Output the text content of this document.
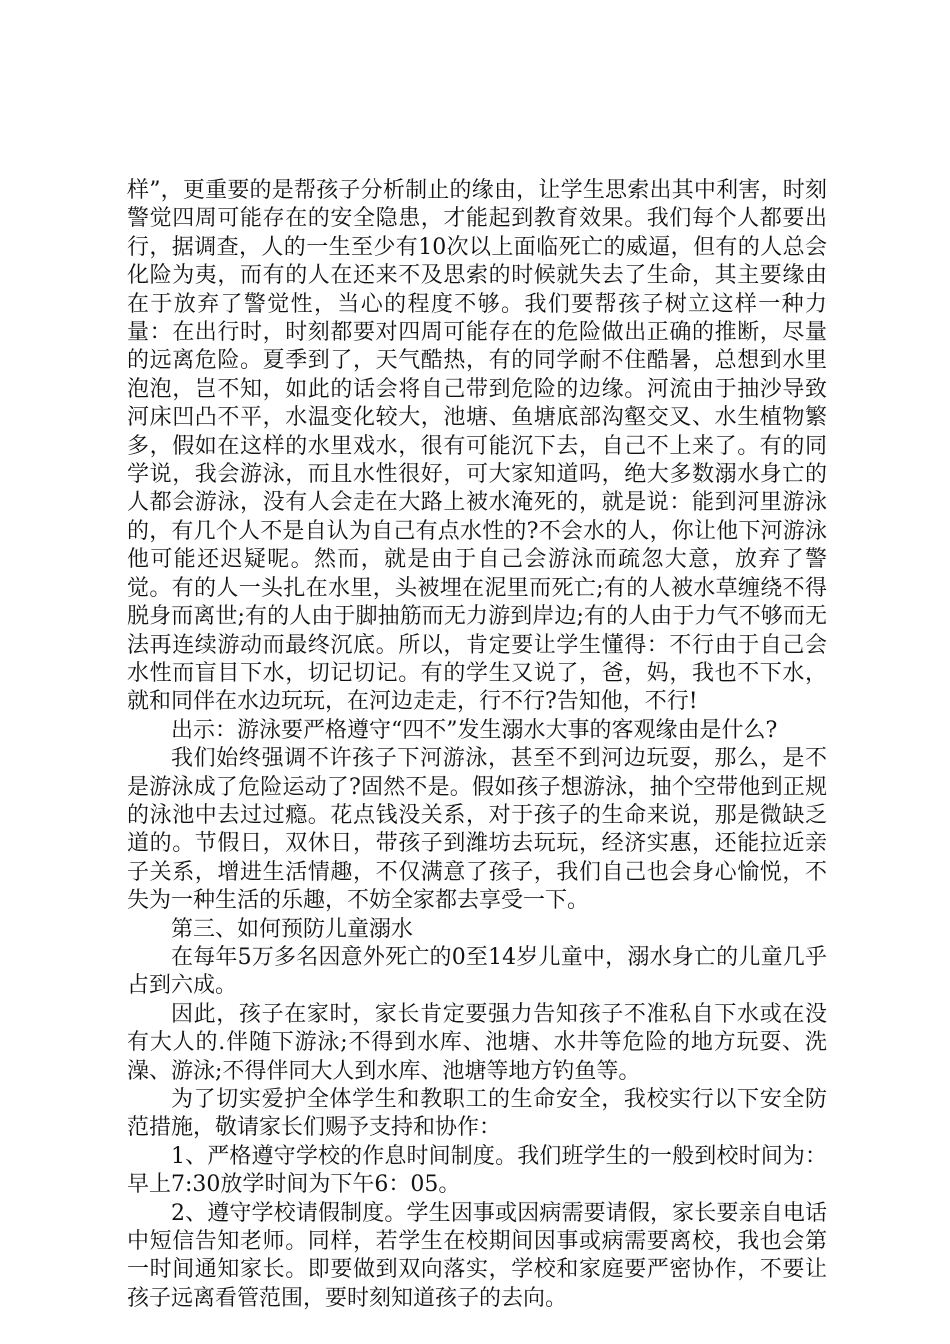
样”，更重要的是帮孩子分析制止的缘由，让学生思索出其中利害，时刻警觉四周可能存在的安全隐患，才能起到教育效果。我们每个人都要出行，据调查，人的一生至少有10次以上面临死亡的威逼，但有的人总会化险为夷，而有的人在还来不及思索的时候就失去了生命，其主要缘由在于放弃了警觉性，当心的程度不够。我们要帮孩子树立这样一种力量：在出行时，时刻都要对四周可能存在的危险做出正确的推断，尽量的远离危险。夏季到了，天气酷热，有的同学耐不住酷暑，总想到水里泡泡，岂不知，如此的话会将自己带到危险的边缘。河流由于抽沙导致河床凹凸不平，水温变化较大，池塘、鱼塘底部沟壑交叉、水生植物繁多，假如在这样的水里戏水，很有可能沉下去，自己不上来了。有的同学说，我会游泳，而且水性很好，可大家知道吗，绝大多数溺水身亡的人都会游泳，没有人会走在大路上被水淹死的，就是说：能到河里游泳的，有几个人不是自认为自己有点水性的?不会水的人，你让他下河游泳他可能还迟疑呢。然而，就是由于自己会游泳而疏忽大意，放弃了警觉。有的人一头扎在水里，头被埋在泥里而死亡;有的人被水草缠绕不得脱身而离世;有的人由于脚抽筋而无力游到岸边;有的人由于力气不够而无法再连续游动而最终沉底。所以，肯定要让学生懂得：不行由于自己会水性而盲目下水，切记切记。有的学生又说了，爸，妈，我也不下水，就和同伴在水边玩玩，在河边走走，行不行?告知他，不行!

出示：游泳要严格遵守“四不”发生溺水大事的客观缘由是什么?

我们始终强调不许孩子下河游泳，甚至不到河边玩耍，那么，是不是游泳成了危险运动了?固然不是。假如孩子想游泳，抽个空带他到正规的泳池中去过过瘾。花点钱没关系，对于孩子的生命来说，那是微缺乏道的。节假日，双休日，带孩子到潍坊去玩玩，经济实惠，还能拉近亲子关系，增进生活情趣，不仅满意了孩子，我们自己也会身心愉悦，不失为一种生活的乐趣，不妨全家都去享受一下。

第三、如何预防儿童溺水

在每年5万多名因意外死亡的0至14岁儿童中，溺水身亡的儿童几乎占到六成。

因此，孩子在家时，家长肯定要强力告知孩子不准私自下水或在没有大人的.伴随下游泳;不得到水库、池塘、水井等危险的地方玩耍、洗澡、游泳;不得伴同大人到水库、池塘等地方钓鱼等。

为了切实爱护全体学生和教职工的生命安全，我校实行以下安全防范措施，敬请家长们赐予支持和协作：

1、严格遵守学校的作息时间制度。我们班学生的一般到校时间为：早上7:30放学时间为下午6：05。

2、遵守学校请假制度。学生因事或因病需要请假，家长要亲自电话中短信告知老师。同样，若学生在校期间因事或病需要离校，我也会第一时间通知家长。即要做到双向落实，学校和家庭要严密协作，不要让孩子远离看管范围，要时刻知道孩子的去向。
